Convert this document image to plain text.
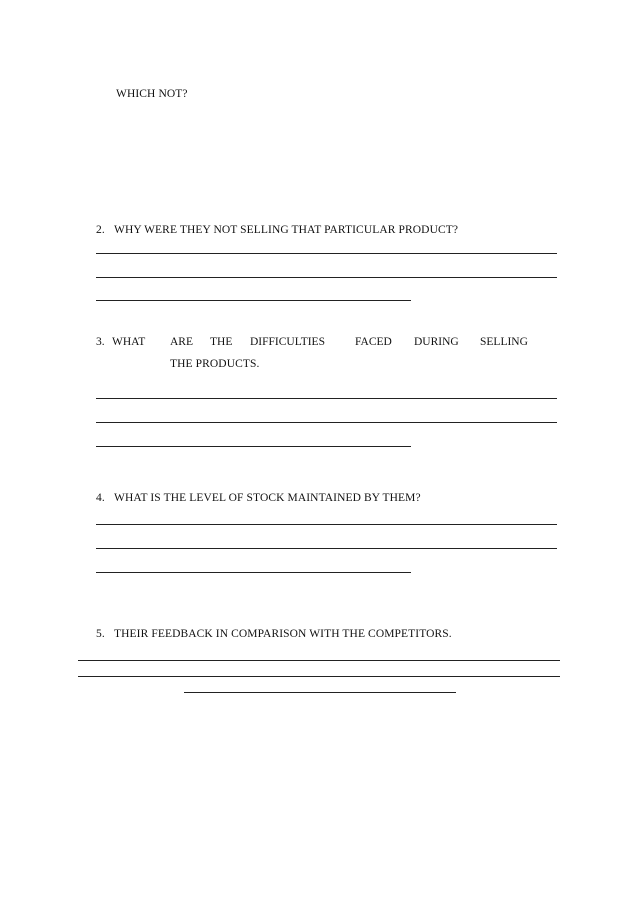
WHICH NOT?
2. WHY WERE THEY NOT SELLING THAT PARTICULAR PRODUCT?
3. WHAT ARE THE DIFFICULTIES	FACED DURING SELLING
THE PRODUCTS.
4. WHAT IS THE LEVEL OF STOCK MAINTAINED BY THEM?
5. THEIR FEEDBACK IN COMPARISON WITH THE COMPETITORS.
